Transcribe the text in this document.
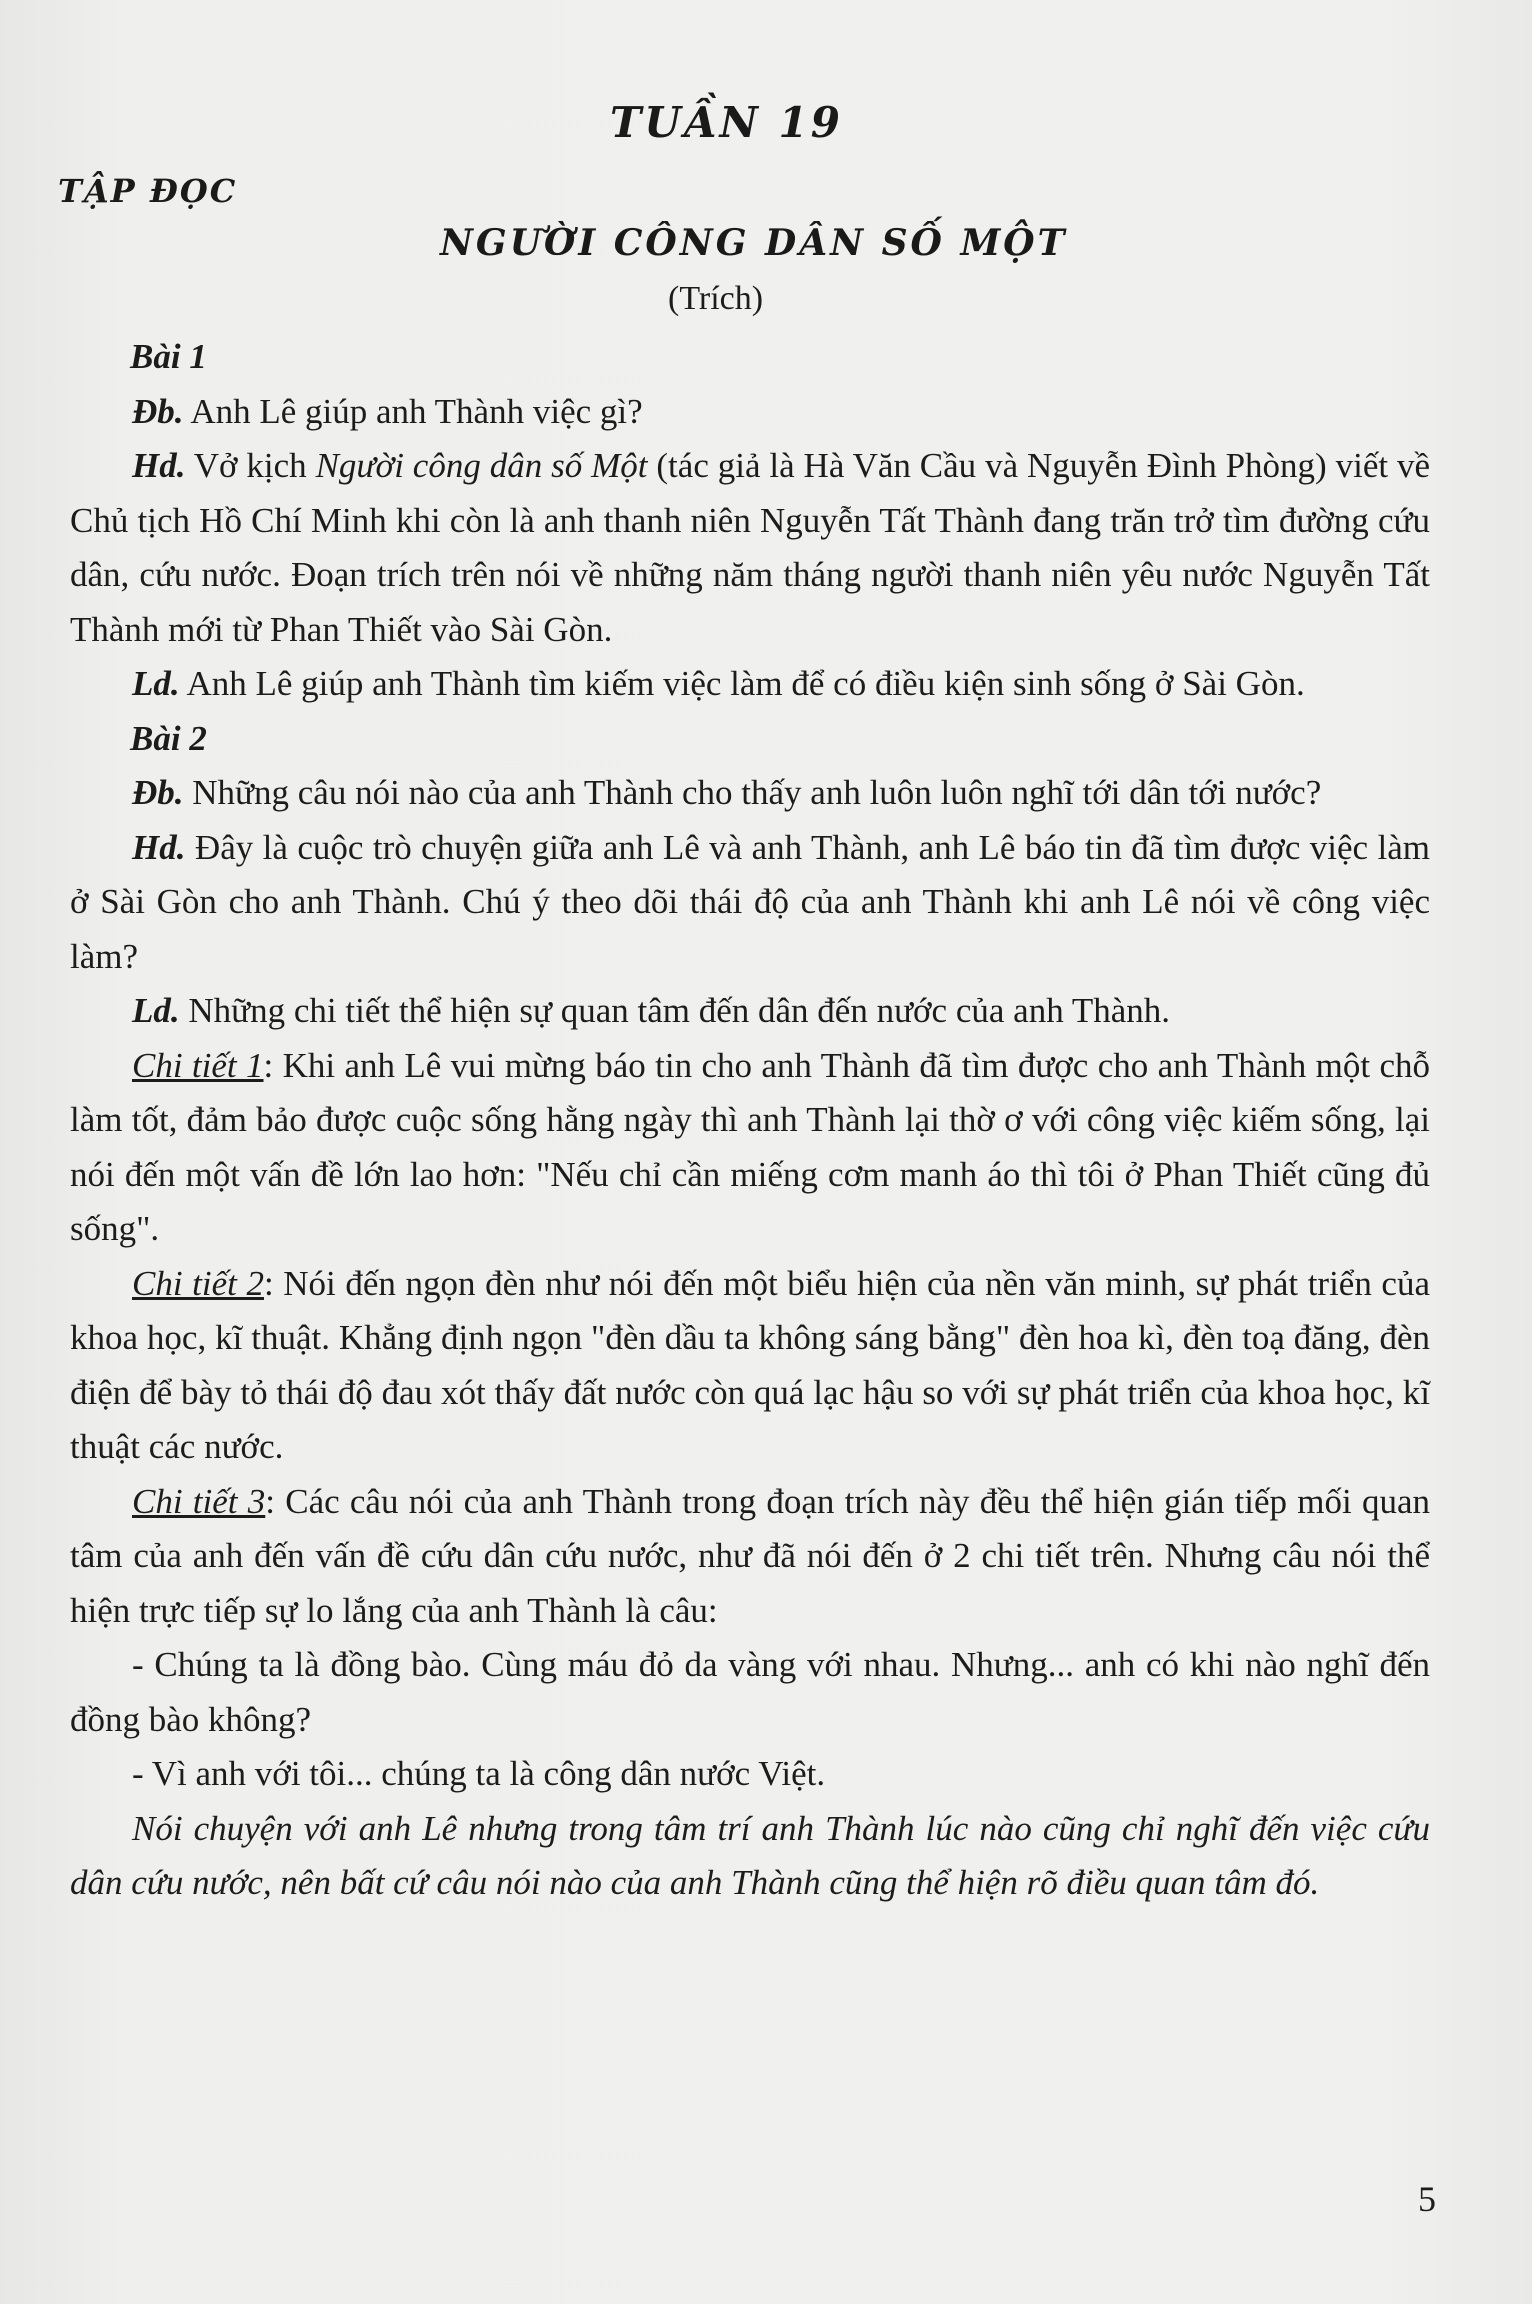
TUẦN 19
TẬP ĐỌC
NGƯỜI CÔNG DÂN SỐ MỘT
(Trích)

Bài 1

Đb. Anh Lê giúp anh Thành việc gì?

Hd. Vở kịch Người công dân số Một (tác giả là Hà Văn Cầu và Nguyễn Đình Phòng) viết về Chủ tịch Hồ Chí Minh khi còn là anh thanh niên Nguyễn Tất Thành đang trăn trở tìm đường cứu dân, cứu nước. Đoạn trích trên nói về những năm tháng người thanh niên yêu nước Nguyễn Tất Thành mới từ Phan Thiết vào Sài Gòn.

Ld. Anh Lê giúp anh Thành tìm kiếm việc làm để có điều kiện sinh sống ở Sài Gòn.

Bài 2

Đb. Những câu nói nào của anh Thành cho thấy anh luôn luôn nghĩ tới dân tới nước?

Hd. Đây là cuộc trò chuyện giữa anh Lê và anh Thành, anh Lê báo tin đã tìm được việc làm ở Sài Gòn cho anh Thành. Chú ý theo dõi thái độ của anh Thành khi anh Lê nói về công việc làm?

Ld. Những chi tiết thể hiện sự quan tâm đến dân đến nước của anh Thành.

Chi tiết 1: Khi anh Lê vui mừng báo tin cho anh Thành đã tìm được cho anh Thành một chỗ làm tốt, đảm bảo được cuộc sống hằng ngày thì anh Thành lại thờ ơ với công việc kiếm sống, lại nói đến một vấn đề lớn lao hơn: "Nếu chỉ cần miếng cơm manh áo thì tôi ở Phan Thiết cũng đủ sống".

Chi tiết 2: Nói đến ngọn đèn như nói đến một biểu hiện của nền văn minh, sự phát triển của khoa học, kĩ thuật. Khẳng định ngọn "đèn dầu ta không sáng bằng" đèn hoa kì, đèn toạ đăng, đèn điện để bày tỏ thái độ đau xót thấy đất nước còn quá lạc hậu so với sự phát triển của khoa học, kĩ thuật các nước.

Chi tiết 3: Các câu nói của anh Thành trong đoạn trích này đều thể hiện gián tiếp mối quan tâm của anh đến vấn đề cứu dân cứu nước, như đã nói đến ở 2 chi tiết trên. Nhưng câu nói thể hiện trực tiếp sự lo lắng của anh Thành là câu:

- Chúng ta là đồng bào. Cùng máu đỏ da vàng với nhau. Nhưng... anh có khi nào nghĩ đến đồng bào không?

- Vì anh với tôi... chúng ta là công dân nước Việt.

Nói chuyện với anh Lê nhưng trong tâm trí anh Thành lúc nào cũng chỉ nghĩ đến việc cứu dân cứu nước, nên bất cứ câu nói nào của anh Thành cũng thể hiện rõ điều quan tâm đó.

5
